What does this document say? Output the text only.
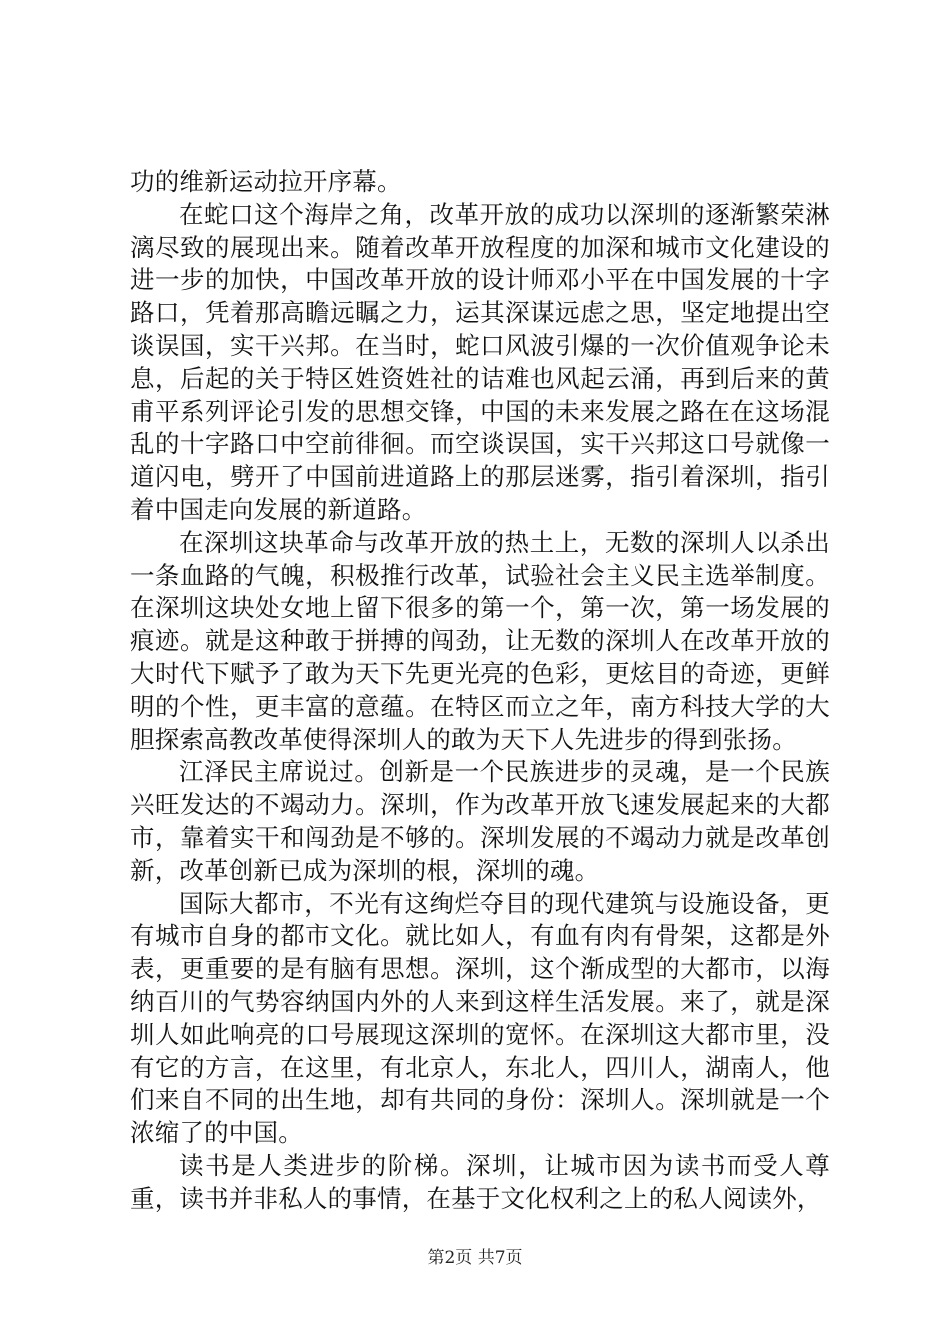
功的维新运动拉开序幕。

在蛇口这个海岸之角，改革开放的成功以深圳的逐渐繁荣淋漓尽致的展现出来。随着改革开放程度的加深和城市文化建设的进一步的加快，中国改革开放的设计师邓小平在中国发展的十字路口，凭着那高瞻远瞩之力，运其深谋远虑之思，坚定地提出空谈误国，实干兴邦。在当时，蛇口风波引爆的一次价值观争论未息，后起的关于特区姓资姓社的诘难也风起云涌，再到后来的黄甫平系列评论引发的思想交锋，中国的未来发展之路在在这场混乱的十字路口中空前徘徊。而空谈误国，实干兴邦这口号就像一道闪电，劈开了中国前进道路上的那层迷雾，指引着深圳，指引着中国走向发展的新道路。

在深圳这块革命与改革开放的热土上，无数的深圳人以杀出一条血路的气魄，积极推行改革，试验社会主义民主选举制度。在深圳这块处女地上留下很多的第一个，第一次，第一场发展的痕迹。就是这种敢于拼搏的闯劲，让无数的深圳人在改革开放的大时代下赋予了敢为天下先更光亮的色彩，更炫目的奇迹，更鲜明的个性，更丰富的意蕴。在特区而立之年，南方科技大学的大胆探索高教改革使得深圳人的敢为天下人先进步的得到张扬。

江泽民主席说过。创新是一个民族进步的灵魂，是一个民族兴旺发达的不竭动力。深圳，作为改革开放飞速发展起来的大都市，靠着实干和闯劲是不够的。深圳发展的不竭动力就是改革创新，改革创新已成为深圳的根，深圳的魂。

国际大都市，不光有这绚烂夺目的现代建筑与设施设备，更有城市自身的都市文化。就比如人，有血有肉有骨架，这都是外表，更重要的是有脑有思想。深圳，这个渐成型的大都市，以海纳百川的气势容纳国内外的人来到这样生活发展。来了，就是深圳人如此响亮的口号展现这深圳的宽怀。在深圳这大都市里，没有它的方言，在这里，有北京人，东北人，四川人，湖南人，他们来自不同的出生地，却有共同的身份：深圳人。深圳就是一个浓缩了的中国。

读书是人类进步的阶梯。深圳，让城市因为读书而受人尊重，读书并非私人的事情，在基于文化权利之上的私人阅读外，

第2页 共7页
